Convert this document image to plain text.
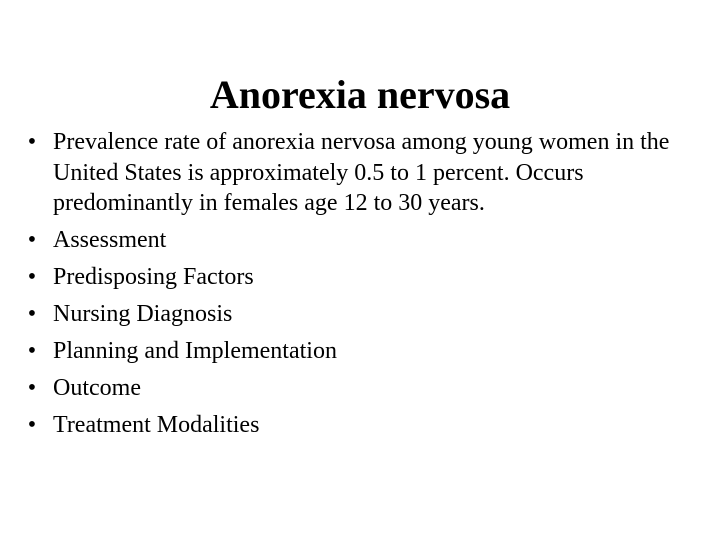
Anorexia nervosa
• Prevalence rate of anorexia nervosa among young women in the United States is approximately 0.5 to 1 percent. Occurs predominantly in females age 12 to 30 years.
• Assessment
• Predisposing Factors
• Nursing Diagnosis
• Planning and Implementation
• Outcome
• Treatment Modalities
